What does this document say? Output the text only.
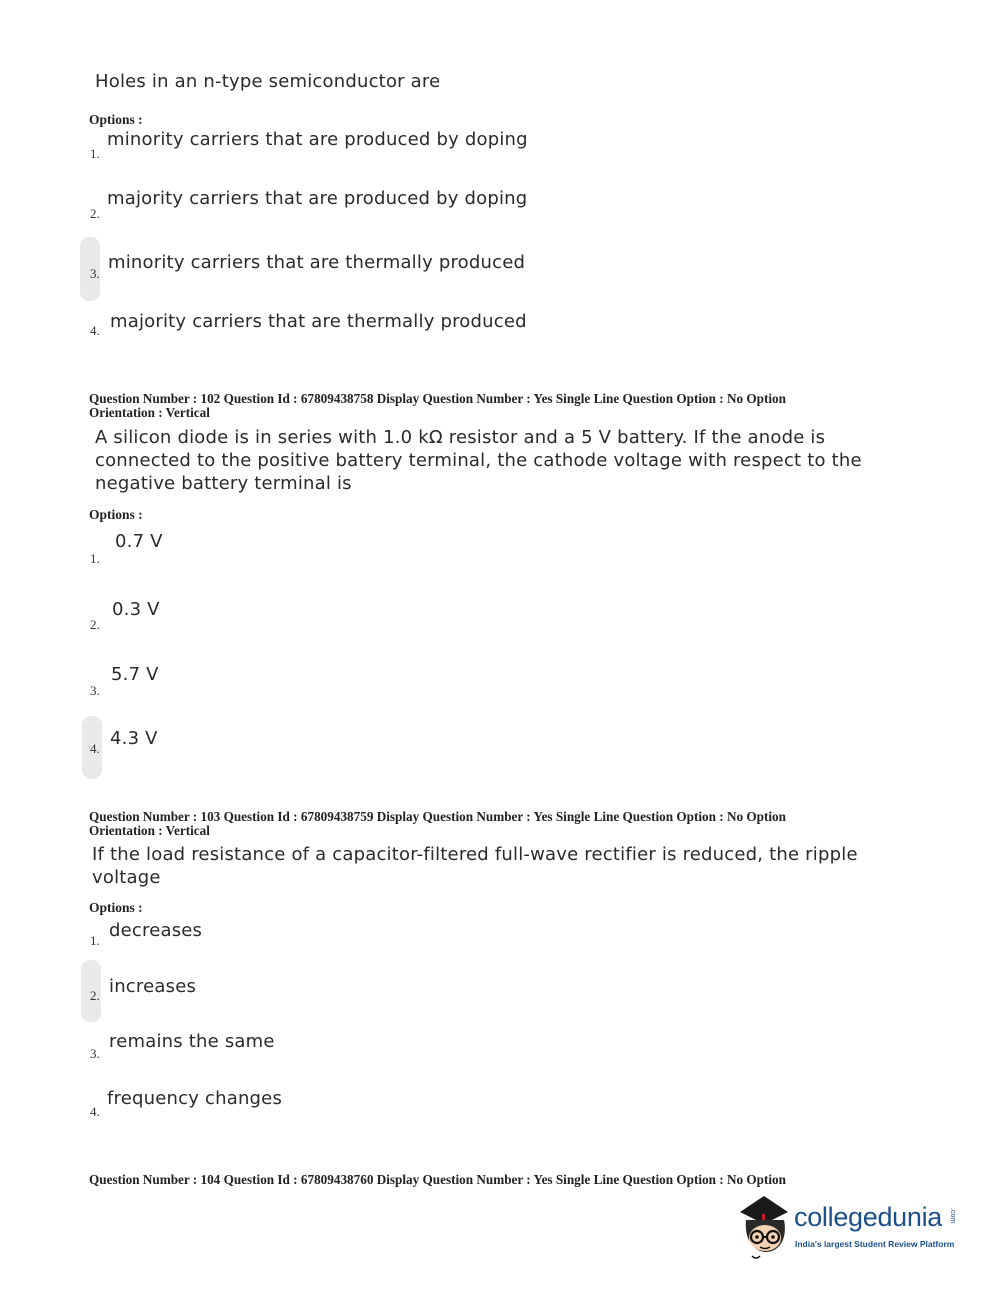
Holes in an n-type semiconductor are
Options :
1.
minority carriers that are produced by doping
2.
majority carriers that are produced by doping
3.
minority carriers that are thermally produced
4. majority carriers that are thermally produced
Question Number : 102 Question Id : 67809438758 Display Question Number : Yes Single Line Question Option : No Option
Orientation : Vertical
A silicon diode is in series with 1.0 kΩ resistor and a 5 V battery. If the anode is
connected to the positive battery terminal, the cathode voltage with respect to the
negative battery terminal is
Options :
1.
0.7 V
2.
0.3 V
3.
5.7 V
4. 4.3 V
Question Number : 103 Question Id : 67809438759 Display Question Number : Yes Single Line Question Option : No Option
Orientation : Vertical
If the load resistance of a capacitor-filtered full-wave rectifier is reduced, the ripple
voltage
Options :
1. decreases
2. increases
3.
remains the same
4.
frequency changes
Question Number : 104 Question Id : 67809438760 Display Question Number : Yes Single Line Question Option : No Option
collegedunia .com
India's largest Student Review Platform
